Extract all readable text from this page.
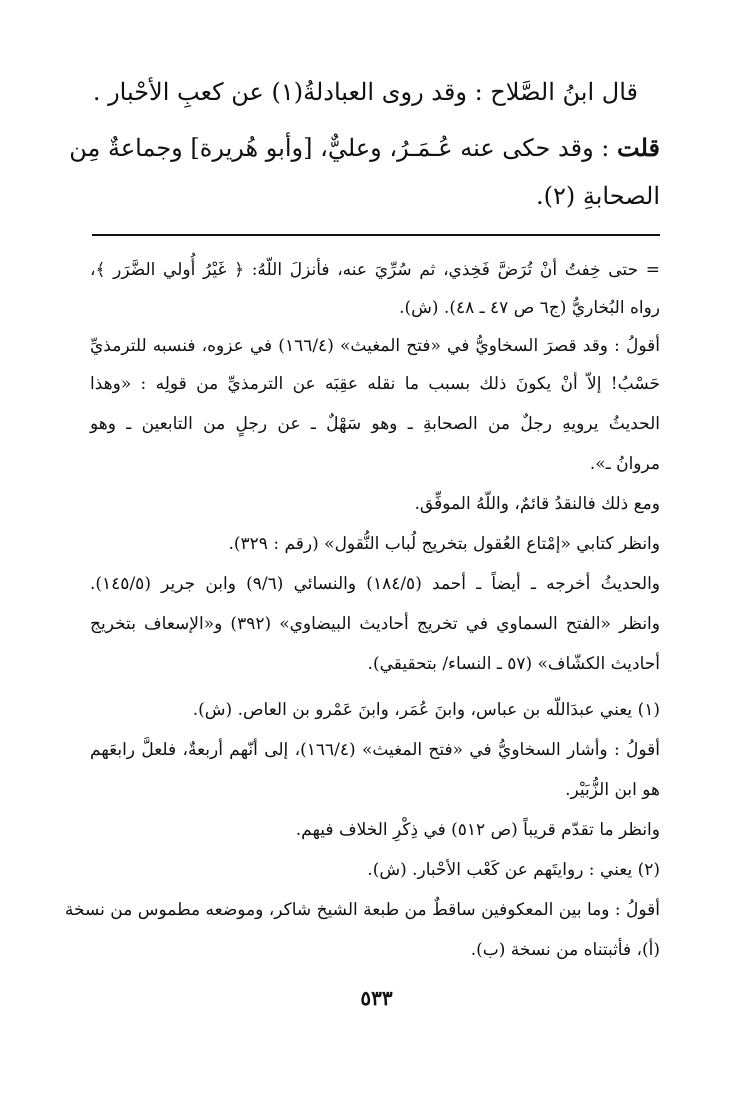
قال ابنُ الصَّلاح : وقد روى العبادلةُ(١) عن كعبِ الأحْبار .
قلت : وقد حكى عنه عُـمَـرُ، وعليٌّ، [وأبو هُريرة] وجماعةٌ مِن
الصحابةِ (٢).
= حتى خِفتُ أنْ تُرَضَّ فَخِذي، ثم سُرِّيَ عنه، فأنزلَ اللّهُ: ﴿ غَيْرُ أُولي الضَّرَر ﴾،
رواه البُخاريُّ (ج٦ ص ٤٧ ـ ٤٨). (ش).
أقولُ : وقد قصرَ السخاويُّ في «فتح المغيث» (١٦٦/٤) في عزوه، فنسبه للترمذيِّ
حَسْبُ! إلاّ أنْ يكونَ ذلك بسبب ما نقله عقِبَه عن الترمذيِّ من قولِه : «وهذا
الحديثُ يرويهِ رجلٌ من الصحابةِ ـ وهو سَهْلٌ ـ عن رجلٍ من التابعين ـ وهو
مروانُ ـ».
ومع ذلك فالنقدُ قائمٌ، واللّهُ الموفِّق.
وانظر كتابي «إمْتاع العُقول بتخريج لُباب النُّقول» (رقم : ٣٢٩).
والحديثُ أخرجه ـ أيضاً ـ أحمد (١٨٤/٥) والنسائي (٩/٦) وابن جرير (١٤٥/٥).
وانظر «الفتح السماوي في تخريج أحاديث البيضاوي» (٣٩٢) و«الإسعاف بتخريج
أحاديث الكشّاف» (٥٧ ـ النساء/ بتحقيقي).
(١) يعني عبدَاللّه بن عباس، وابنَ عُمَر، وابنَ عَمْرو بن العاص. (ش).
أقولُ : وأشار السخاويُّ في «فتح المغيث» (١٦٦/٤)، إلى أنّهم أربعةٌ، فلعلَّ رابعَهم
هو ابن الزُّبَيْر.
وانظر ما تقدّم قريباً (ص ٥١٢) في ذِكْرِ الخلاف فيهم.
(٢) يعني : روايتَهم عن كَعْب الأحْبار. (ش).
أقولُ : وما بين المعكوفين ساقطٌ من طبعة الشيخ شاكر، وموضعه مطموس من نسخة
(أ)، فأثبتناه من نسخة (ب).
٥٣٣
